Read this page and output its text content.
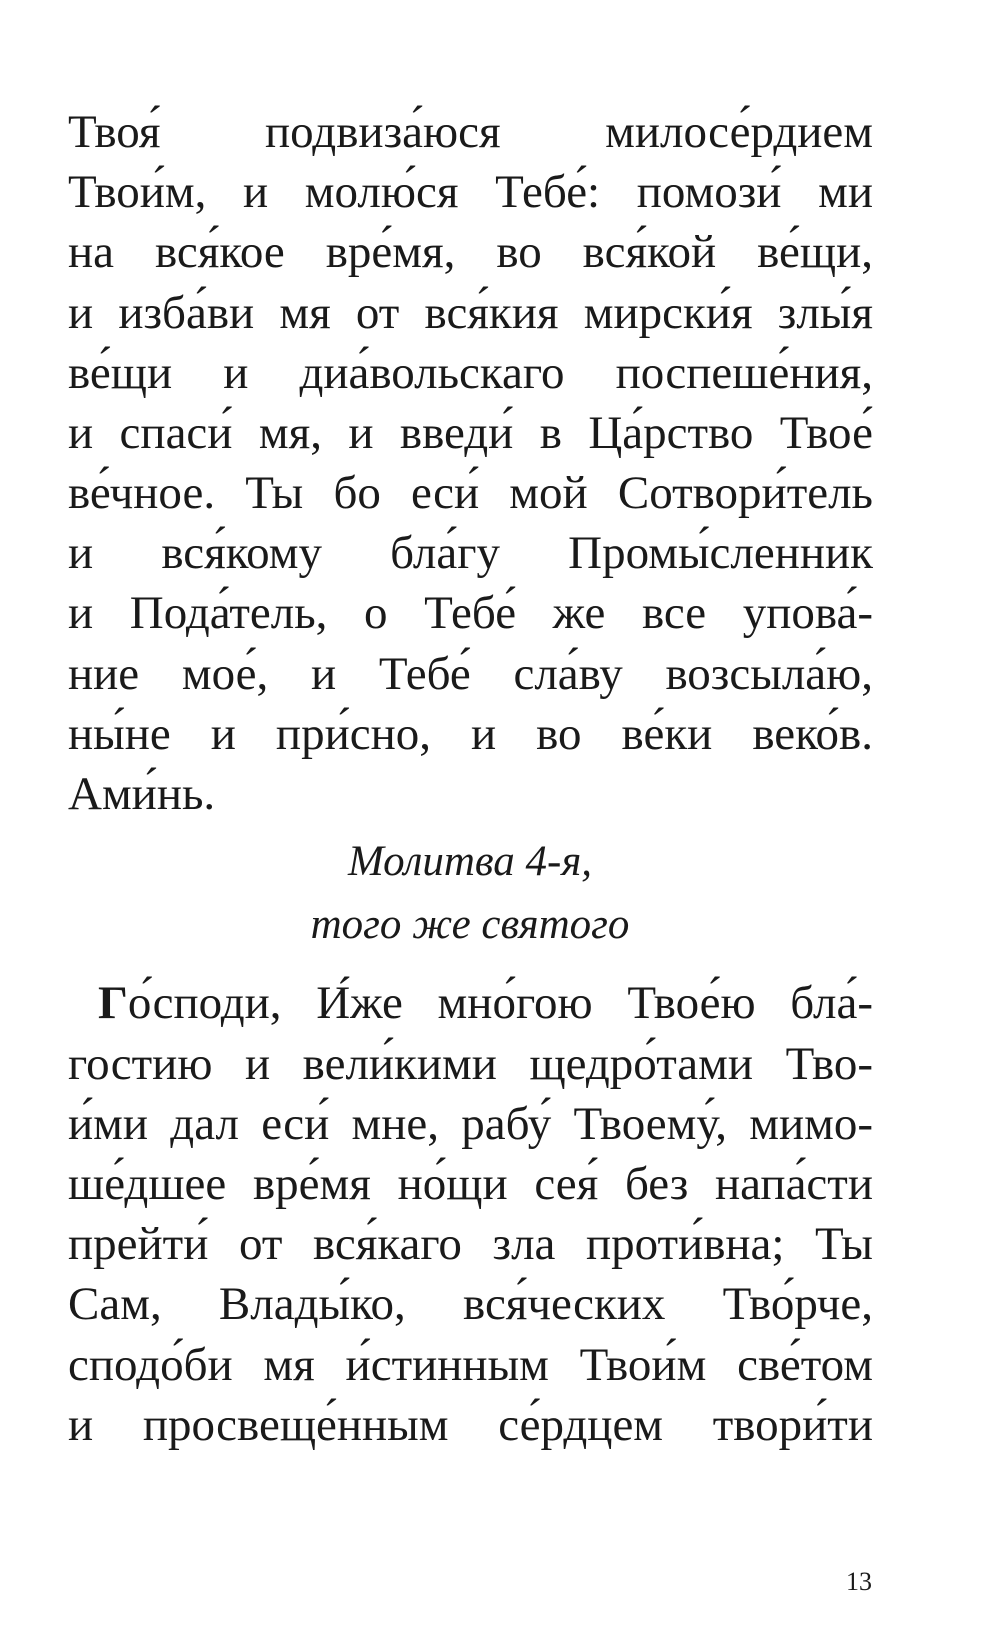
Твоя́ подвиза́юся милосе́рдием
Твои́м, и молю́ся Тебе́: помози́ ми
на вся́кое вре́мя, во вся́кой ве́щи,
и изба́ви мя от вся́кия мирски́я злы́я
ве́щи и диа́вольскаго поспеше́ния,
и спаси́ мя, и введи́ в Ца́рство Твое́
ве́чное. Ты бо еси́ мой Сотвори́тель
и вся́кому бла́гу Промы́сленник
и Пода́тель, о Тебе́ же все упова́-
ние мое́, и Тебе́ сла́ву возсыла́ю,
ны́не и при́сно, и во ве́ки веко́в.
Ами́нь.
Молитва 4-я,
того же святого
Го́споди, И́же мно́гою Твое́ю бла́-
гостию и вели́кими щедро́тами Тво-
и́ми дал еси́ мне, рабу́ Твоему́, мимо-
ше́дшее вре́мя но́щи сея́ без напа́сти
прейти́ от вся́каго зла проти́вна; Ты
Сам, Влады́ко, вся́ческих Тво́рче,
сподо́би мя и́стинным Твои́м све́том
и просвеще́нным се́рдцем твори́ти
13
